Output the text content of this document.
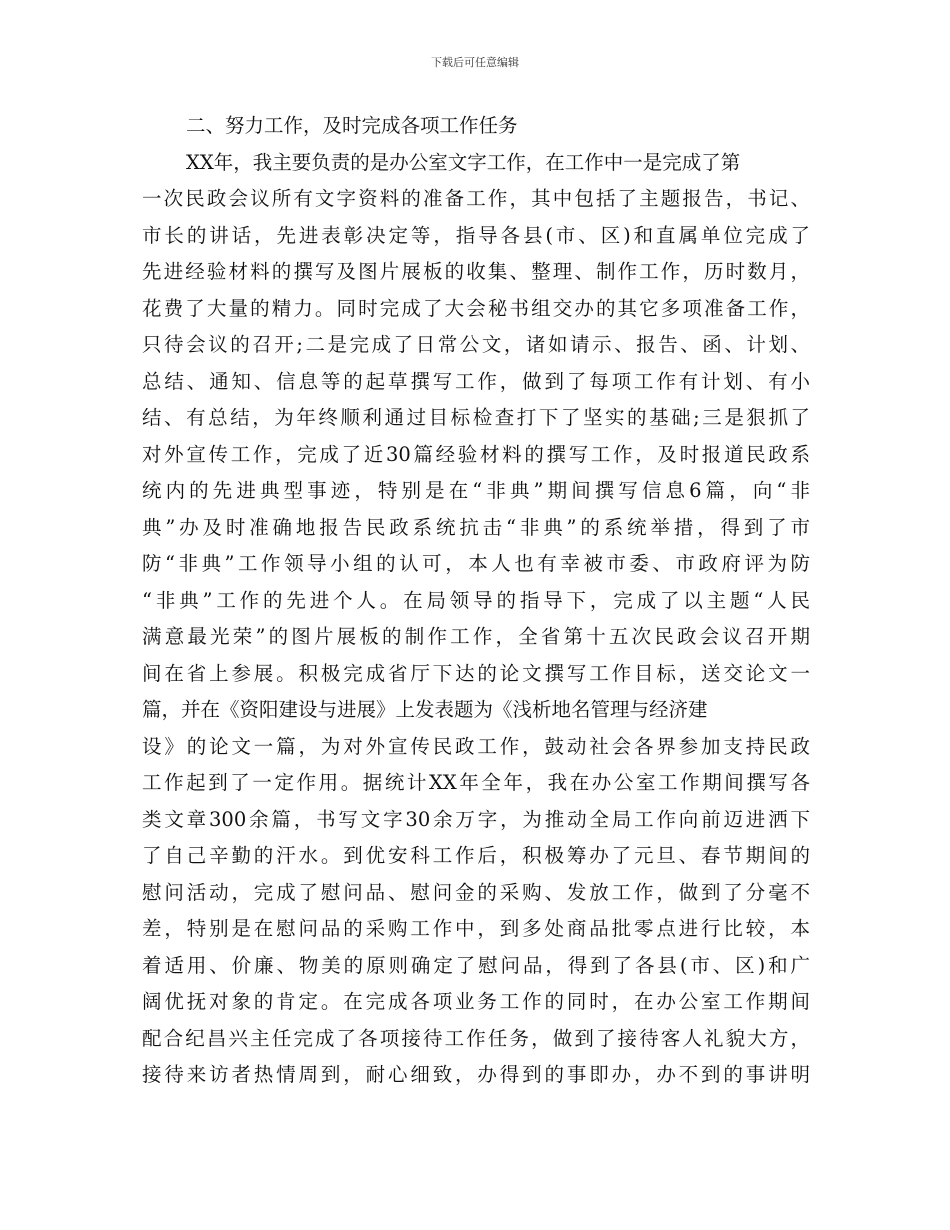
下载后可任意编辑
二、努力工作，及时完成各项工作任务
XX年，我主要负责的是办公室文字工作，在工作中一是完成了第
一次民政会议所有文字资料的准备工作，其中包括了主题报告，书记、
市长的讲话，先进表彰决定等，指导各县(市、区)和直属单位完成了
先进经验材料的撰写及图片展板的收集、整理、制作工作，历时数月，
花费了大量的精力。同时完成了大会秘书组交办的其它多项准备工作，
只待会议的召开;二是完成了日常公文，诸如请示、报告、函、计划、
总结、通知、信息等的起草撰写工作，做到了每项工作有计划、有小
结、有总结，为年终顺利通过目标检查打下了坚实的基础;三是狠抓了
对外宣传工作，完成了近30篇经验材料的撰写工作，及时报道民政系
统内的先进典型事迹，特别是在“非典”期间撰写信息6篇，向“非
典”办及时准确地报告民政系统抗击“非典”的系统举措，得到了市
防“非典”工作领导小组的认可，本人也有幸被市委、市政府评为防
“非典”工作的先进个人。在局领导的指导下，完成了以主题“人民
满意最光荣”的图片展板的制作工作，全省第十五次民政会议召开期
间在省上参展。积极完成省厅下达的论文撰写工作目标，送交论文一
篇，并在《资阳建设与进展》上发表题为《浅析地名管理与经济建
设》的论文一篇，为对外宣传民政工作，鼓动社会各界参加支持民政
工作起到了一定作用。据统计XX年全年，我在办公室工作期间撰写各
类文章300余篇，书写文字30余万字，为推动全局工作向前迈进洒下
了自己辛勤的汗水。到优安科工作后，积极筹办了元旦、春节期间的
慰问活动，完成了慰问品、慰问金的采购、发放工作，做到了分毫不
差，特别是在慰问品的采购工作中，到多处商品批零点进行比较，本
着适用、价廉、物美的原则确定了慰问品，得到了各县(市、区)和广
阔优抚对象的肯定。在完成各项业务工作的同时，在办公室工作期间
配合纪昌兴主任完成了各项接待工作任务，做到了接待客人礼貌大方，
接待来访者热情周到，耐心细致，办得到的事即办，办不到的事讲明
